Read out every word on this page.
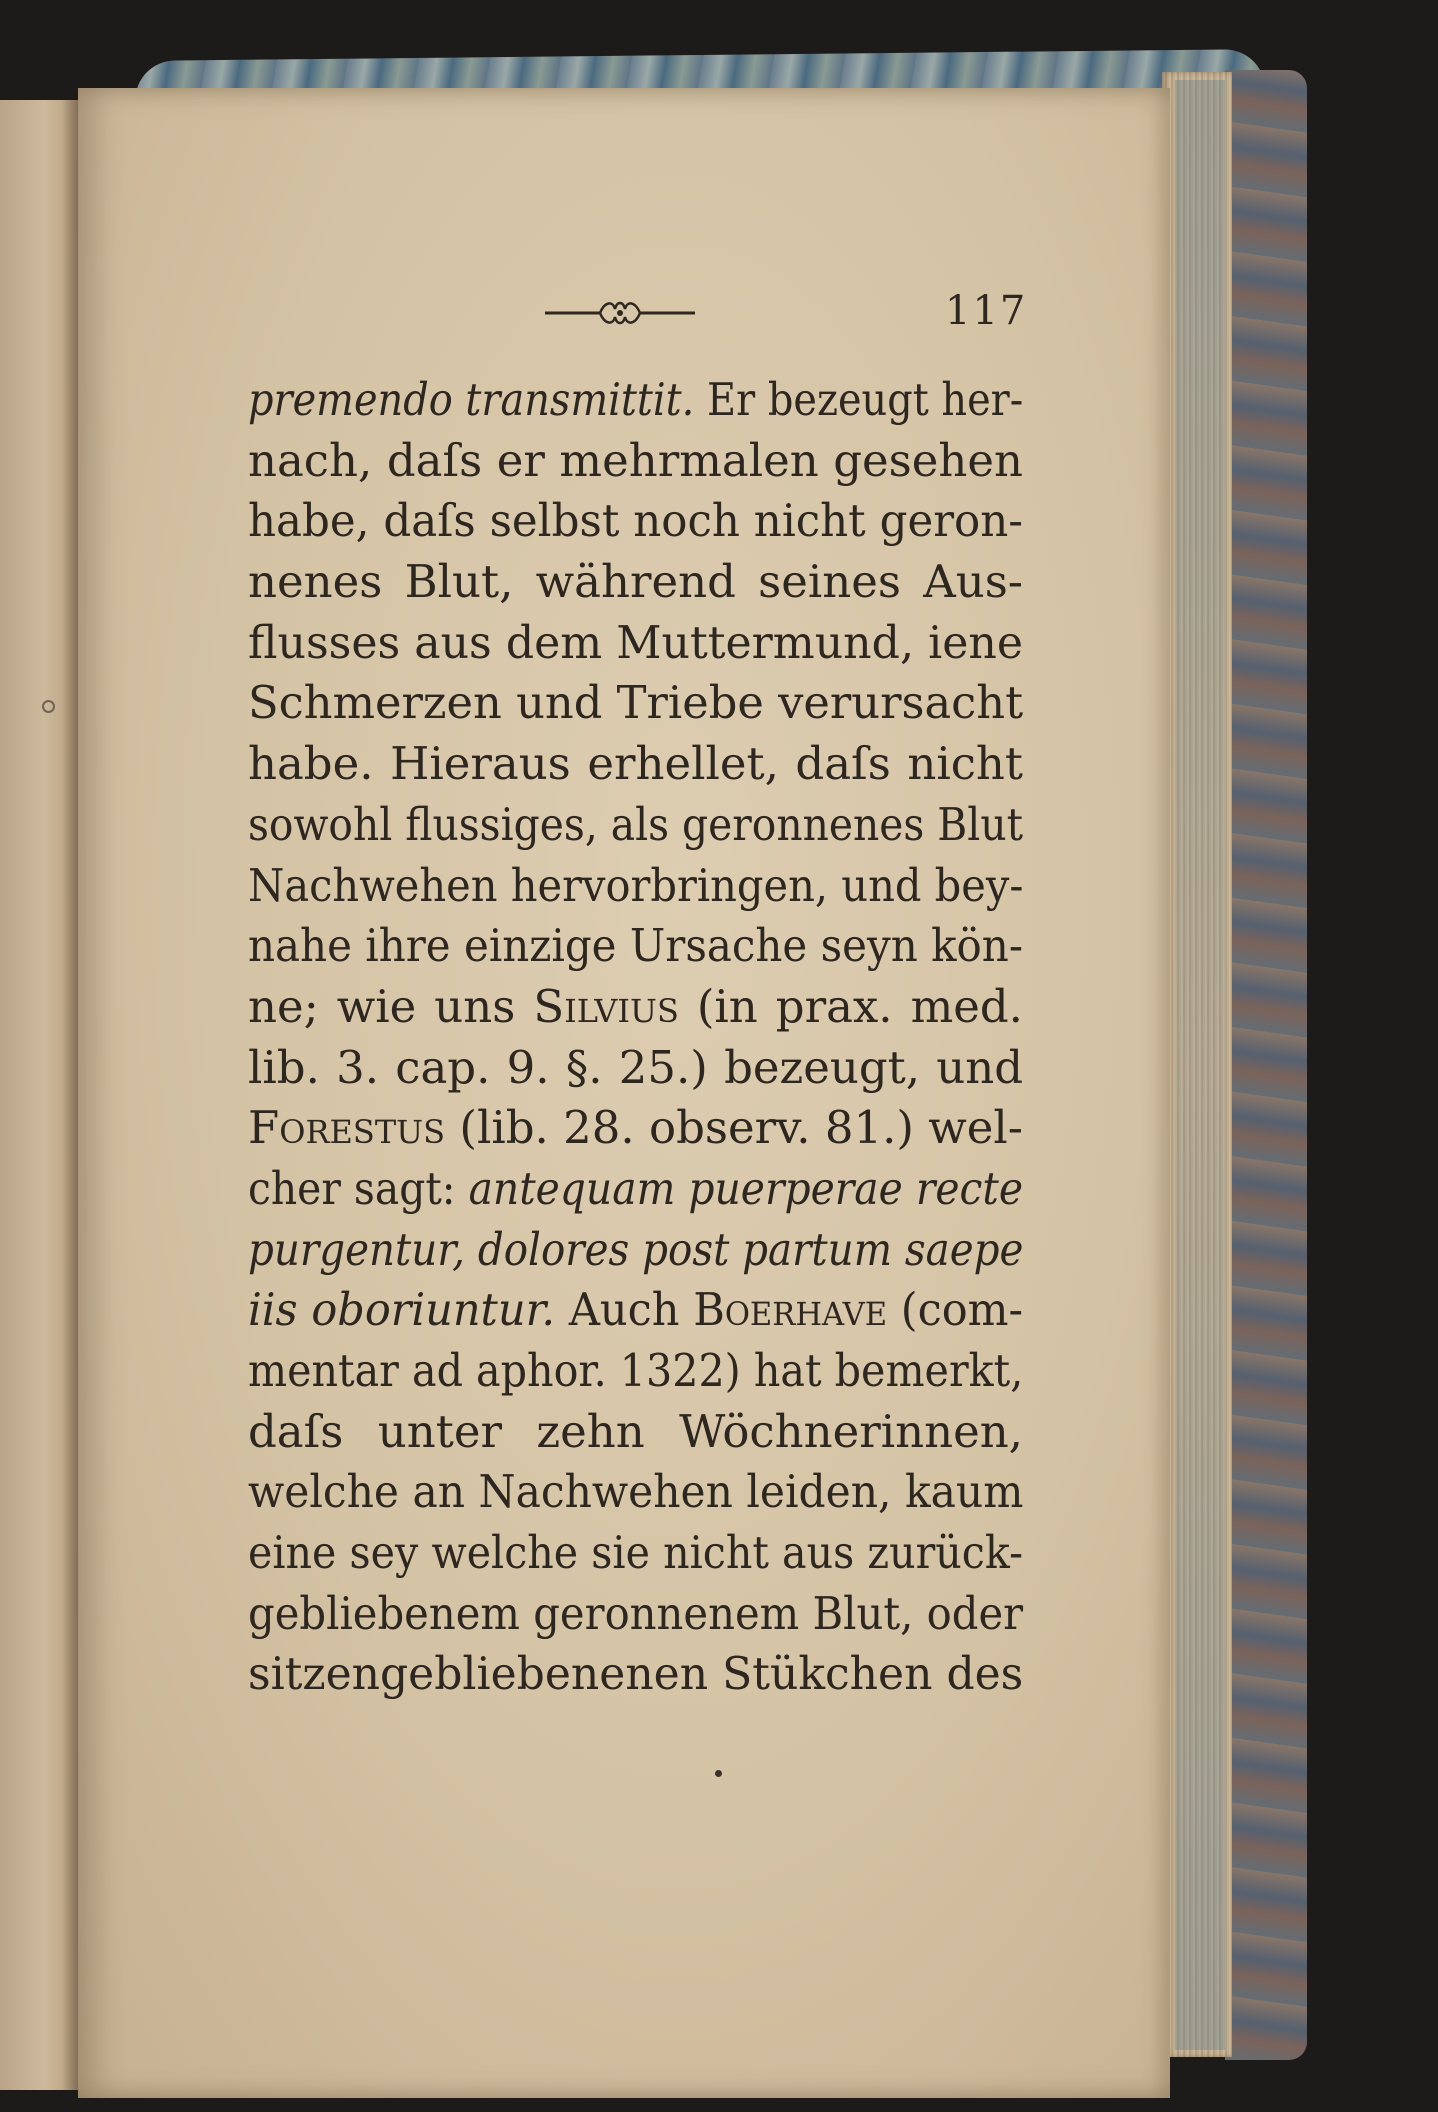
117
premendo transmittit. Er bezeugt her-
nach, daſs er mehrmalen gesehen
habe, daſs selbst noch nicht geron-
nenes Blut, während seines Aus-
flusses aus dem Muttermund, iene
Schmerzen und Triebe verursacht
habe. Hieraus erhellet, daſs nicht
sowohl flussiges, als geronnenes Blut
Nachwehen hervorbringen, und bey-
nahe ihre einzige Ursache seyn kön-
ne; wie uns Silvius (in prax. med.
lib. 3. cap. 9. §. 25.) bezeugt, und
Forestus (lib. 28. observ. 81.) wel-
cher sagt: antequam puerperae recte
purgentur, dolores post partum saepe
iis oboriuntur. Auch Boerhave (com-
mentar ad aphor. 1322) hat bemerkt,
daſs unter zehn Wöchnerinnen,
welche an Nachwehen leiden, kaum
eine sey welche sie nicht aus zurück-
gebliebenem geronnenem Blut, oder
sitzengebliebenenen Stükchen des
